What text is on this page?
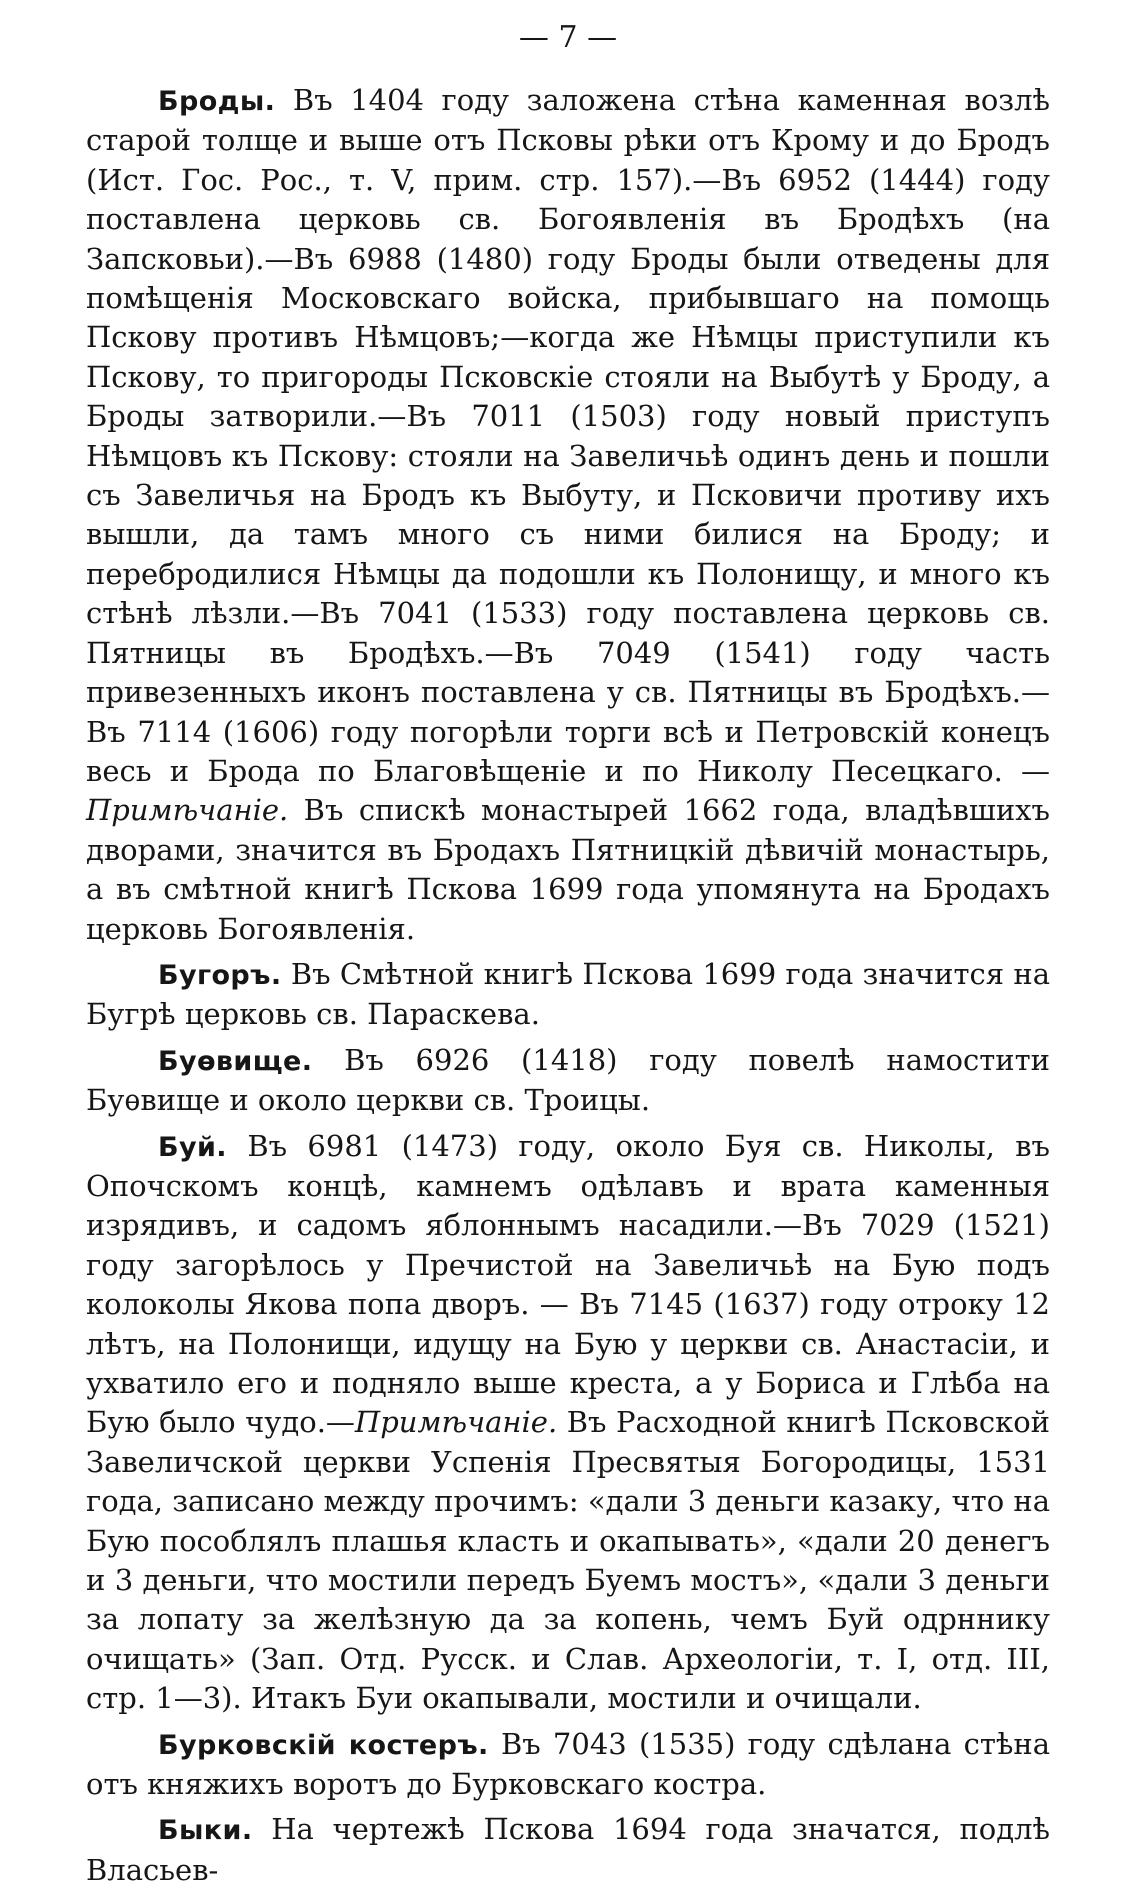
— 7 —

Броды. Въ 1404 году заложена стѣна каменная возлѣ старой толще и выше отъ Псковы рѣки отъ Крому и до Бродъ (Ист. Гос. Рос., т. V, прим. стр. 157).—Въ 6952 (1444) году поставлена церковь св. Богоявленія въ Бродѣхъ (на Запсковьи).—Въ 6988 (1480) году Броды были отведены для помѣщенія Московскаго войска, прибывшаго на помощь Пскову противъ Нѣмцовъ;—когда же Нѣмцы приступили къ Пскову, то пригороды Псковскіе стояли на Выбутѣ у Броду, а Броды затворили.—Въ 7011 (1503) году новый приступъ Нѣмцовъ къ Пскову: стояли на Завеличьѣ одинъ день и пошли съ Завеличья на Бродъ къ Выбуту, и Псковичи противу ихъ вышли, да тамъ много съ ними билися на Броду; и перебродилися Нѣмцы да подошли къ Полонищу, и много къ стѣнѣ лѣзли.—Въ 7041 (1533) году поставлена церковь св. Пятницы въ Бродѣхъ.—Въ 7049 (1541) году часть привезенныхъ иконъ поставлена у св. Пятницы въ Бродѣхъ.—Въ 7114 (1606) году погорѣли торги всѣ и Петровскій конецъ весь и Брода по Благовѣщеніе и по Николу Песецкаго. — Примѣчаніе. Въ спискѣ монастырей 1662 года, владѣвшихъ дворами, значится въ Бродахъ Пятницкій дѣвичій монастырь, а въ смѣтной книгѣ Пскова 1699 года упомянута на Бродахъ церковь Богоявленія.

Бугоръ. Въ Смѣтной книгѣ Пскова 1699 года значится на Бугрѣ церковь св. Параскева.

Буѳвище. Въ 6926 (1418) году повелѣ намостити Буѳвище и около церкви св. Троицы.

Буй. Въ 6981 (1473) году, около Буя св. Николы, въ Опочскомъ концѣ, камнемъ одѣлавъ и врата каменныя изрядивъ, и садомъ яблоннымъ насадили.—Въ 7029 (1521) году загорѣлось у Пречистой на Завеличьѣ на Бую подъ колоколы Якова попа дворъ. — Въ 7145 (1637) году отроку 12 лѣтъ, на Полонищи, идущу на Бую у церкви св. Анастасіи, и ухватило его и подняло выше креста, а у Бориса и Глѣба на Бую было чудо.—Примѣчаніе. Въ Расходной книгѣ Псковской Завеличской церкви Успенія Пресвятыя Богородицы, 1531 года, записано между прочимъ: «дали 3 деньги казаку, что на Бую пособлялъ плашья класть и окапывать», «дали 20 денегъ и 3 деньги, что мостили передъ Буемъ мостъ», «дали 3 деньги за лопату за желѣзную да за копень, чемъ Буй одрннику очищать» (Зап. Отд. Русск. и Слав. Археологіи, т. I, отд. III, стр. 1—3). Итакъ Буи окапывали, мостили и очищали.

Бурковскій костеръ. Въ 7043 (1535) году сдѣлана стѣна отъ княжихъ воротъ до Бурковскаго костра.

Быки. На чертежѣ Пскова 1694 года значатся, подлѣ Власьев-
